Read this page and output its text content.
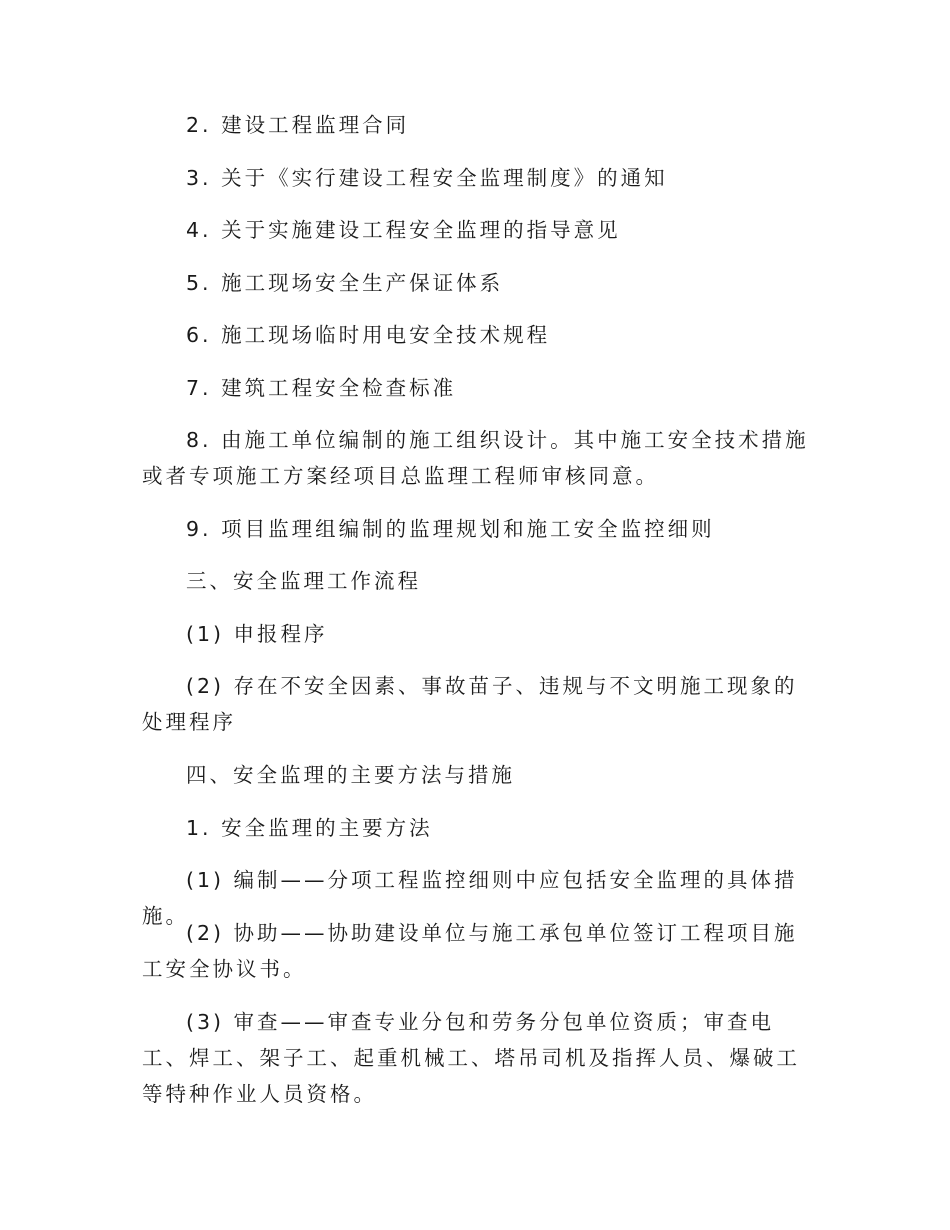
2. 建设工程监理合同

3. 关于《实行建设工程安全监理制度》的通知

4. 关于实施建设工程安全监理的指导意见

5. 施工现场安全生产保证体系

6. 施工现场临时用电安全技术规程

7. 建筑工程安全检查标准

8. 由施工单位编制的施工组织设计。其中施工安全技术措施或者专项施工方案经项目总监理工程师审核同意。

9. 项目监理组编制的监理规划和施工安全监控细则

三、安全监理工作流程

(1) 申报程序

(2) 存在不安全因素、事故苗子、违规与不文明施工现象的处理程序

四、安全监理的主要方法与措施

1. 安全监理的主要方法

(1) 编制——分项工程监控细则中应包括安全监理的具体措施。

(2) 协助——协助建设单位与施工承包单位签订工程项目施工安全协议书。

(3) 审查——审查专业分包和劳务分包单位资质；审查电工、焊工、架子工、起重机械工、塔吊司机及指挥人员、爆破工等特种作业人员资格。
